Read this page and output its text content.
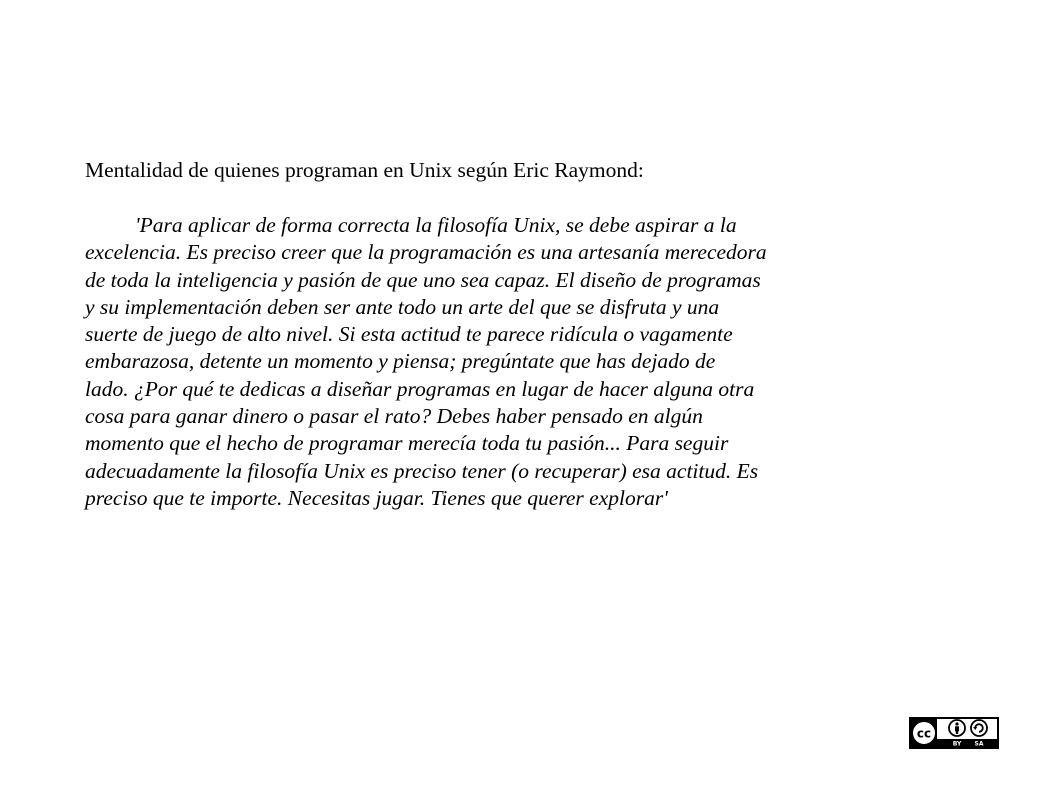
Mentalidad de quienes programan en Unix según Eric Raymond:
'Para aplicar de forma correcta la filosofía Unix, se debe aspirar a la
excelencia. Es preciso creer que la programación es una artesanía merecedora
de toda la inteligencia y pasión de que uno sea capaz. El diseño de programas
y su implementación deben ser ante todo un arte del que se disfruta y una
suerte de juego de alto nivel. Si esta actitud te parece ridícula o vagamente
embarazosa, detente un momento y piensa; pregúntate que has dejado de
lado. ¿Por qué te dedicas a diseñar programas en lugar de hacer alguna otra
cosa para ganar dinero o pasar el rato? Debes haber pensado en algún
momento que el hecho de programar merecía toda tu pasión... Para seguir
adecuadamente la filosofía Unix es preciso tener (o recuperar) esa actitud. Es
preciso que te importe. Necesitas jugar. Tienes que querer explorar'
cc
BY SA
